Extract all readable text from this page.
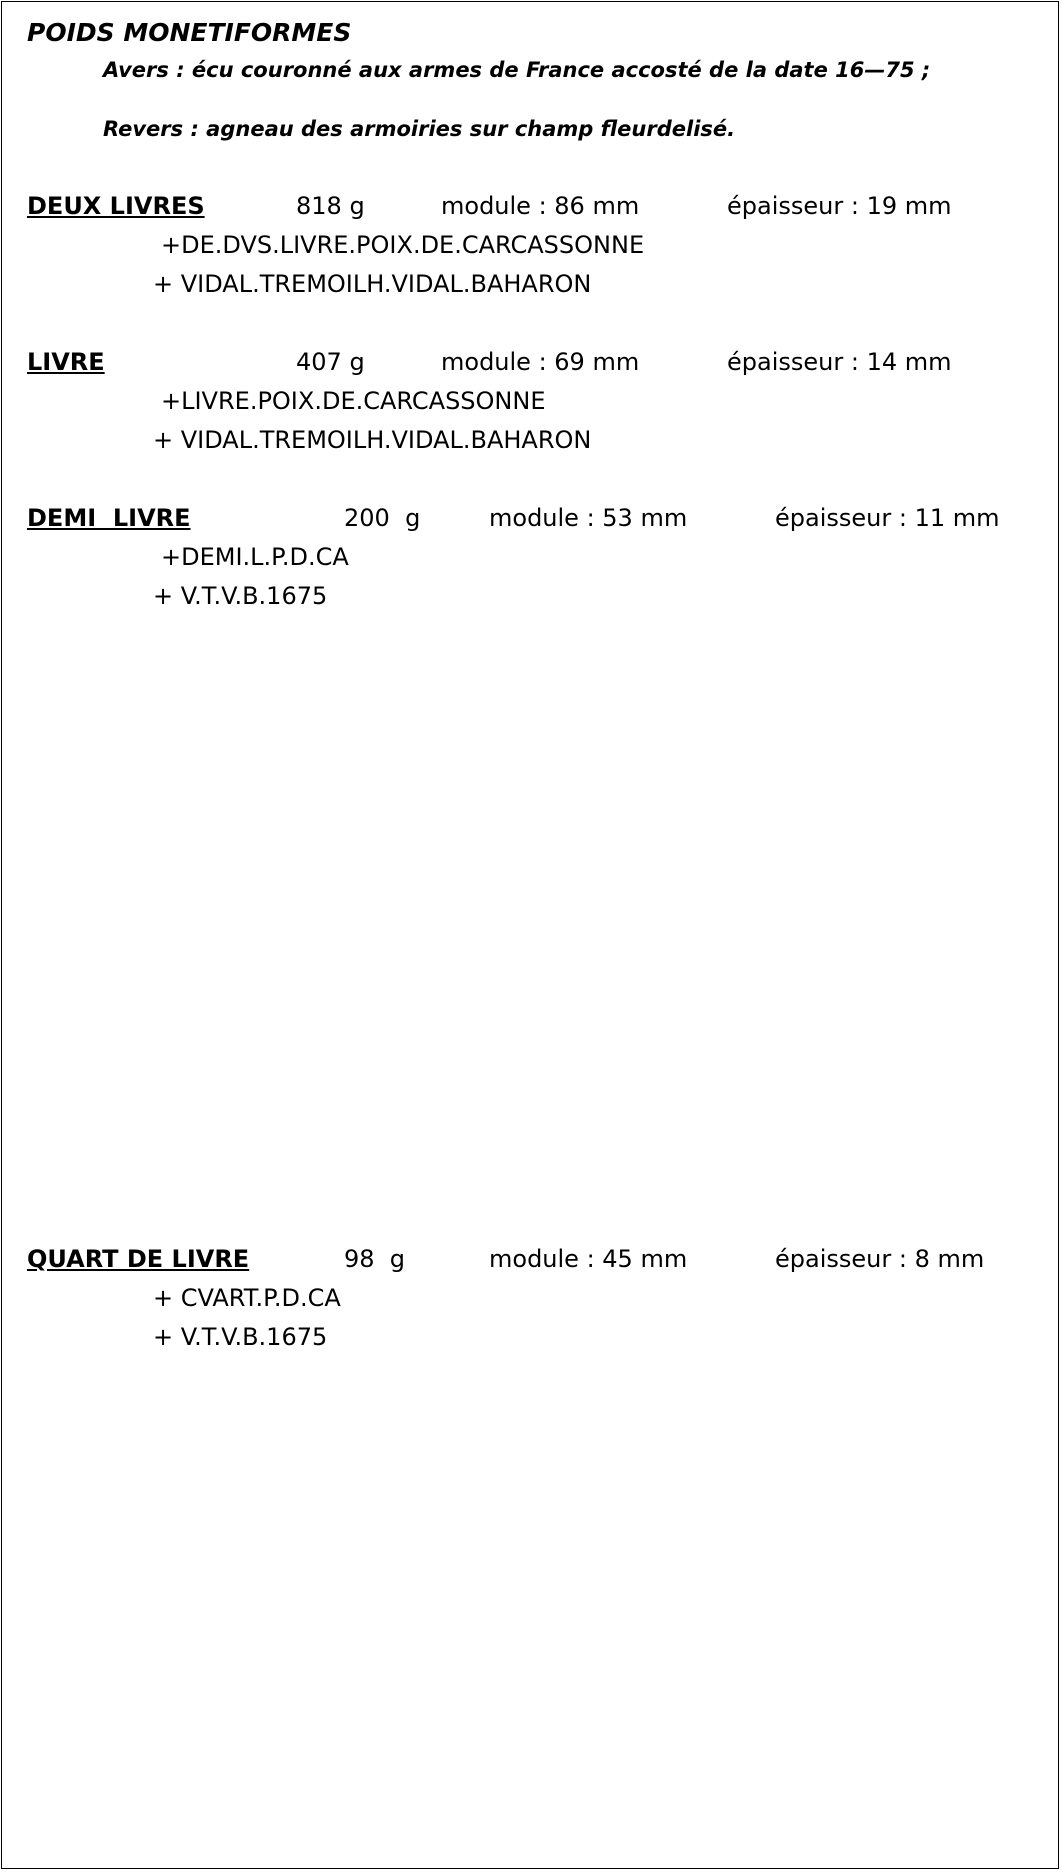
POIDS MONETIFORMES
Avers : écu couronné aux armes de France accosté de la date 16—75 ;
Revers : agneau des armoiries sur champ fleurdelisé.
DEUX LIVRES	818 g	module : 86 mm	épaisseur : 19 mm
+DE.DVS.LIVRE.POIX.DE.CARCASSONNE
+ VIDAL.TREMOILH.VIDAL.BAHARON
LIVRE	407 g	module : 69 mm	épaisseur : 14 mm
+LIVRE.POIX.DE.CARCASSONNE
+ VIDAL.TREMOILH.VIDAL.BAHARON
DEMI  LIVRE	200  g	module : 53 mm	épaisseur : 11 mm
+DEMI.L.P.D.CA
+ V.T.V.B.1675
QUART DE LIVRE	98  g	module : 45 mm	épaisseur : 8 mm
+ CVART.P.D.CA
+ V.T.V.B.1675
